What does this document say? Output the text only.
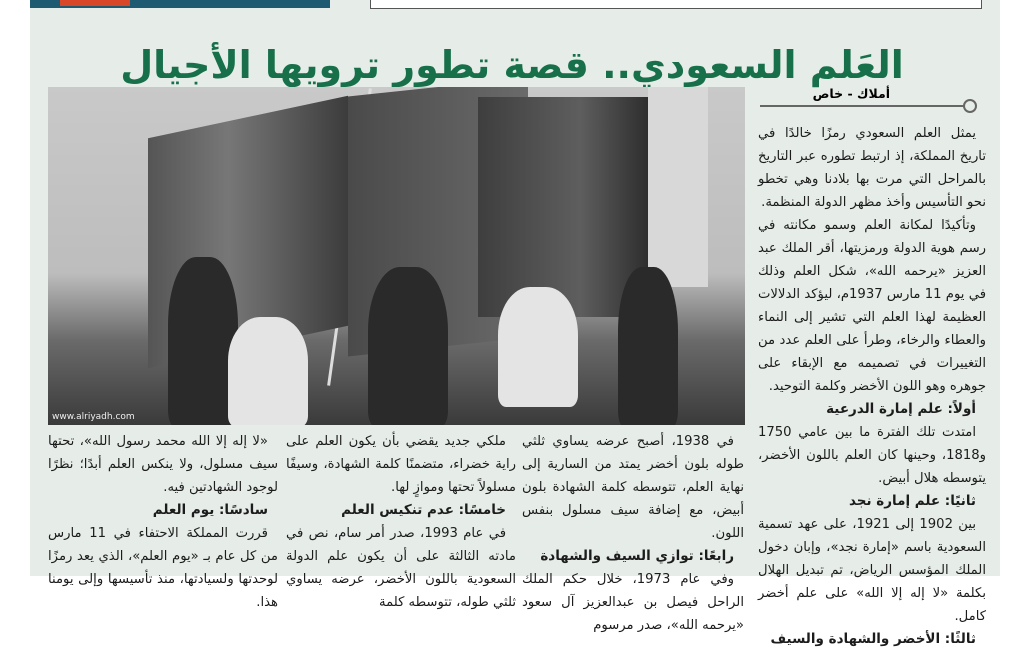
العَلم السعودي.. قصة تطور ترويها الأجيال
أملاك - خاص
www.alriyadh.com

يمثل العلم السعودي رمزًا خالدًا في تاريخ المملكة، إذ ارتبط تطوره عبر التاريخ بالمراحل التي مرت بها بلادنا وهي تخطو نحو التأسيس وأخذ مظهر الدولة المنظمة.

وتأكيدًا لمكانة العلم وسمو مكانته في رسم هوية الدولة ورمزيتها، أقر الملك عبد العزيز «يرحمه الله»، شكل العلم وذلك في يوم 11 مارس 1937م، ليؤكد الدلالات العظيمة لهذا العلم التي تشير إلى النماء والعطاء والرخاء، وطرأ على العلم عدد من التغييرات في تصميمه مع الإبقاء على جوهره وهو اللون الأخضر وكلمة التوحيد.

أولاً: علم إمارة الدرعية

امتدت تلك الفترة ما بين عامي 1750 و1818، وحينها كان العلم باللون الأخضر، يتوسطه هلال أبيض.

ثانيًا: علم إمارة نجد

بين 1902 إلى 1921، على عهد تسمية السعودية باسم «إمارة نجد»، وإبان دخول الملك المؤسس الرياض، تم تبديل الهلال بكلمة «لا إله إلا الله» على علم أخضر كامل.

ثالثًا: الأخضر والشهادة والسيف

في 1938، أصبح عرضه يساوي ثلثي طوله بلون أخضر يمتد من السارية إلى نهاية العلم، تتوسطه كلمة الشهادة بلون أبيض، مع إضافة سيف مسلول بنفس اللون.

رابعًا: توازي السيف والشهادة

وفي عام 1973، خلال حكم الملك الراحل فيصل بن عبدالعزيز آل سعود «يرحمه الله»، صدر مرسوم

ملكي جديد يقضي بأن يكون العلم على راية خضراء، متضمنًا كلمة الشهادة، وسيفًا مسلولاً تحتها وموازٍ لها.

خامسًا: عدم تنكيس العلم

في عام 1993، صدر أمر سام، نص في مادته الثالثة على أن يكون علم الدولة السعودية باللون الأخضر، عرضه يساوي ثلثي طوله، تتوسطه كلمة

«لا إله إلا الله محمد رسول الله»، تحتها سيف مسلول، ولا ينكس العلم أبدًا؛ نظرًا لوجود الشهادتين فيه.

سادسًا: يوم العلم

قررت المملكة الاحتفاء في 11 مارس من كل عام بـ «يوم العلم»، الذي يعد رمزًا لوحدتها ولسيادتها، منذ تأسيسها وإلى يومنا هذا.
